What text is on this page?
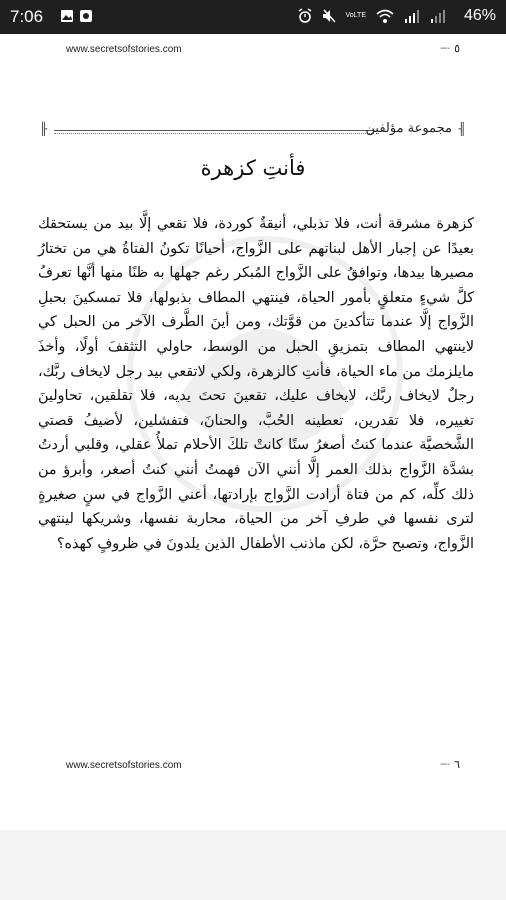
7:06	VoLTE	46%
www.secretsofstories.com	٥ ·─
╟	مجموعة مؤلفين ╢
فأنتِ كزهرة
كزهرة مشرقة أنت، فلا تذبلي، أنيقةٌ كوردة، فلا تقعي إلَّا بيد من يستحقك بعيدًا عن إجبار الأهل لبناتهم على الزَّواج، أحيانًا تكونُ الفتاةُ هي من تختارُ مصيرها بيدها، وتوافقُ على الزَّواج المُبكر رغم جهلها به ظنًا منها أنَّها تعرفُ كلَّ شيءٍ متعلقٍ بأمور الحياة، فينتهي المطاف بذبولها، فلا تمسكينَ بحبلِ الزَّواج إلَّا عندما تتأكدينَ من قوَّتك، ومن أينَ الطَّرف الآخر من الحبل كي لاينتهي المطاف بتمزيقِ الحبل من الوسط، حاولي التثقفَ أولًا، وأخذَ مايلزمك من ماء الحياة، فأنتِ كالزهرة، ولكي لاتقعي بيد رجل لايخاف ربَّك، رجلٌ لايخاف ربَّك، لايخاف عليك، تقعينَ تحتَ يديه، فلا تقلقين، تحاولينَ تغييره، فلا تقدرين، تعطينه الحُبَّ، والحنانَ، فتفشلين، لأضيفُ قصتي الشَّخصيَّة عندما كنتُ أصغرُ سنًا كانتْ تلكَ الأحلام تملأُ عقلي، وقلبي أردتُ بشدَّة الزَّواج بذلك العمر إلَّا أنني الآن فهمتُ أنني كنتُ أصغر، وأبرؤ من ذلك كلِّه، كم من فتاة أرادت الزَّواج بإرادتها، أعني الزَّواج في سنٍ صغيرةٍ لترى نفسها في طرفِ آخر من الحياة، محاربة نفسها، وشريكها لينتهي الزَّواج، وتصبح حرَّة، لكن ماذنب الأطفال الذين يلدونَ في ظروفٍ كهذه؟
www.secretsofstories.com	٦ ·─
